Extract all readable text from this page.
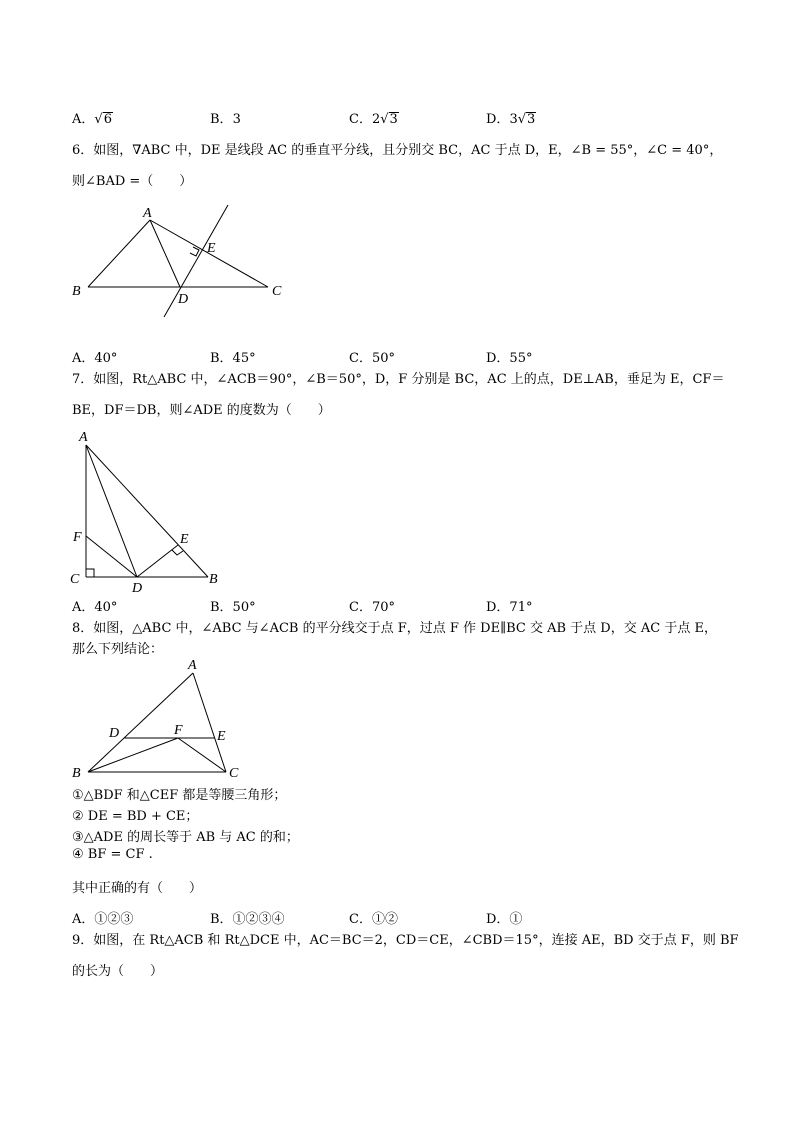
A．√6	B．3	C．2√3	D．3√3
6．如图，∇ABC 中，DE 是线段 AC 的垂直平分线，且分别交 BC，AC 于点 D，E，∠B = 55°，∠C = 40°，
则∠BAD =（　　）
A
B	C
D
E
A．40°	B．45°	C．50°	D．55°
7．如图，Rt△ABC 中，∠ACB＝90°，∠B＝50°，D，F 分别是 BC，AC 上的点，DE⊥AB，垂足为 E，CF＝
BE，DF＝DB，则∠ADE 的度数为（　　）
A
F
C
D
E
B
A．40°	B．50°	C．70°	D．71°
8．如图，△ABC 中，∠ABC 与∠ACB 的平分线交于点 F，过点 F 作 DE∥BC 交 AB 于点 D，交 AC 于点 E，
那么下列结论：
A
D	F E
B	C
①△BDF 和△CEF 都是等腰三角形；
② DE = BD + CE；
③△ADE 的周长等于 AB 与 AC 的和；
④ BF = CF .
其中正确的有（　　）
A．①②③	B．①②③④	C．①②	D．①
9．如图，在 Rt△ACB 和 Rt△DCE 中，AC＝BC＝2，CD＝CE，∠CBD＝15°，连接 AE，BD 交于点 F，则 BF
的长为（　　）
